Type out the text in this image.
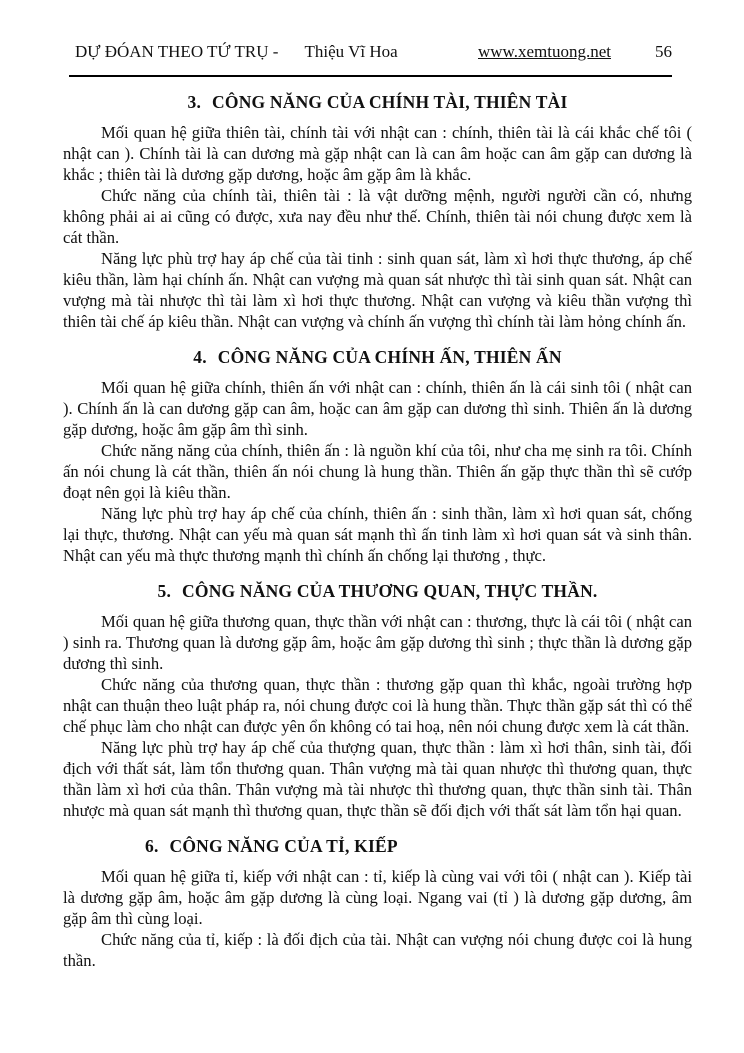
DỰ ĐÓAN THEO TỨ TRỤ - Thiệu Vĩ Hoa	www.xemtuong.net	56
3. CÔNG NĂNG CỦA CHÍNH TÀI, THIÊN TÀI

Mối quan hệ giữa thiên tài, chính tài với nhật can : chính, thiên tài là cái khắc chế tôi ( nhật can ). Chính tài là can dương mà gặp nhật can là can âm hoặc can âm gặp can dương là khắc ; thiên tài là dương gặp dương, hoặc âm gặp âm là khắc.

Chức năng của chính tài, thiên tài : là vật dưỡng mệnh, người người cần có, nhưng không phải ai ai cũng có được, xưa nay đều như thế. Chính, thiên tài nói chung được xem là cát thần.

Năng lực phù trợ hay áp chế của tài tinh : sinh quan sát, làm xì hơi thực thương, áp chế kiêu thần, làm hại chính ấn. Nhật can vượng mà quan sát nhược thì tài sinh quan sát. Nhật can vượng mà tài nhược thì tài làm xì hơi thực thương. Nhật can vượng và kiêu thần vượng thì thiên tài chế áp kiêu thần. Nhật can vượng và chính ấn vượng thì chính tài làm hỏng chính ấn.

4. CÔNG NĂNG CỦA CHÍNH ẤN, THIÊN ẤN

Mối quan hệ giữa chính, thiên ấn với nhật can : chính, thiên ấn là cái sinh tôi ( nhật can ). Chính ấn là can dương gặp can âm, hoặc can âm gặp can dương thì sinh. Thiên ấn là dương gặp dương, hoặc âm gặp âm thì sinh.

Chức năng năng của chính, thiên ấn : là nguồn khí của tôi, như cha mẹ sinh ra tôi. Chính ấn nói chung là cát thần, thiên ấn nói chung là hung thần. Thiên ấn gặp thực thần thì sẽ cướp đoạt nên gọi là kiêu thần.

Năng lực phù trợ hay áp chế của chính, thiên ấn : sinh thần, làm xì hơi quan sát, chống lại thực, thương. Nhật can yếu mà quan sát mạnh thì ấn tinh làm xì hơi quan sát và sinh thân. Nhật can yếu mà thực thương mạnh thì chính ấn chống lại thương , thực.

5. CÔNG NĂNG CỦA THƯƠNG QUAN, THỰC THẦN.

Mối quan hệ giữa thương quan, thực thần với nhật can : thương, thực là cái tôi ( nhật can ) sinh ra. Thương quan là dương gặp âm, hoặc âm gặp dương thì sinh ; thực thần là dương gặp dương thì sinh.

Chức năng của thương quan, thực thần : thương gặp quan thì khắc, ngoài trường hợp nhật can thuận theo luật pháp ra, nói chung được coi là hung thần. Thực thần gặp sát thì có thể chế phục làm cho nhật can được yên ổn không có tai hoạ, nên nói chung được xem là cát thần.

Năng lực phù trợ hay áp chế của thượng quan, thực thần : làm xì hơi thân, sinh tài, đối địch với thất sát, làm tổn thương quan. Thân vượng mà tài quan nhược thì thương quan, thực thần làm xì hơi của thân. Thân vượng mà tài nhược thì thương quan, thực thần sinh tài. Thân nhược mà quan sát mạnh thì thương quan, thực thần sẽ đối địch với thất sát làm tổn hại quan.

6. CÔNG NĂNG CỦA TỈ, KIẾP

Mối quan hệ giữa tỉ, kiếp với nhật can : tỉ, kiếp là cùng vai với tôi ( nhật can ). Kiếp tài là dương gặp âm, hoặc âm gặp dương là cùng loại. Ngang vai (tỉ ) là dương gặp dương, âm gặp âm thì cùng loại.

Chức năng của tỉ, kiếp : là đối địch của tài. Nhật can vượng nói chung được coi là hung thần.
